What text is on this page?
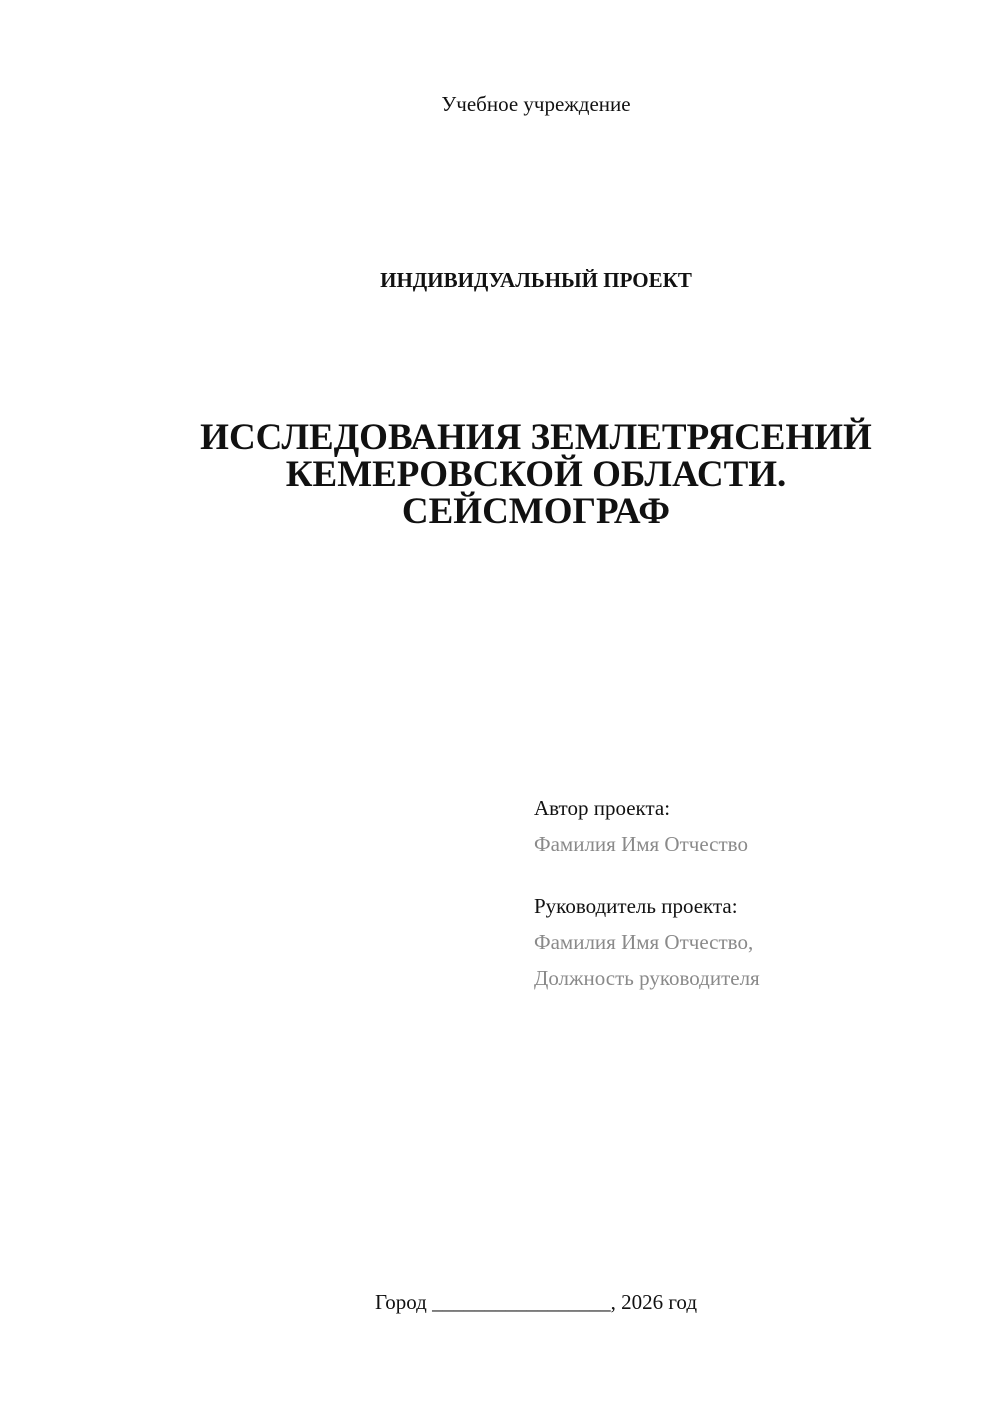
Учебное учреждение
ИНДИВИДУАЛЬНЫЙ ПРОЕКТ
ИССЛЕДОВАНИЯ ЗЕМЛЕТРЯСЕНИЙ
КЕМЕРОВСКОЙ ОБЛАСТИ.
СЕЙСМОГРАФ
Автор проекта:
Фамилия Имя Отчество
Руководитель проекта:
Фамилия Имя Отчество,
Должность руководителя
Город _________________, 2026 год
